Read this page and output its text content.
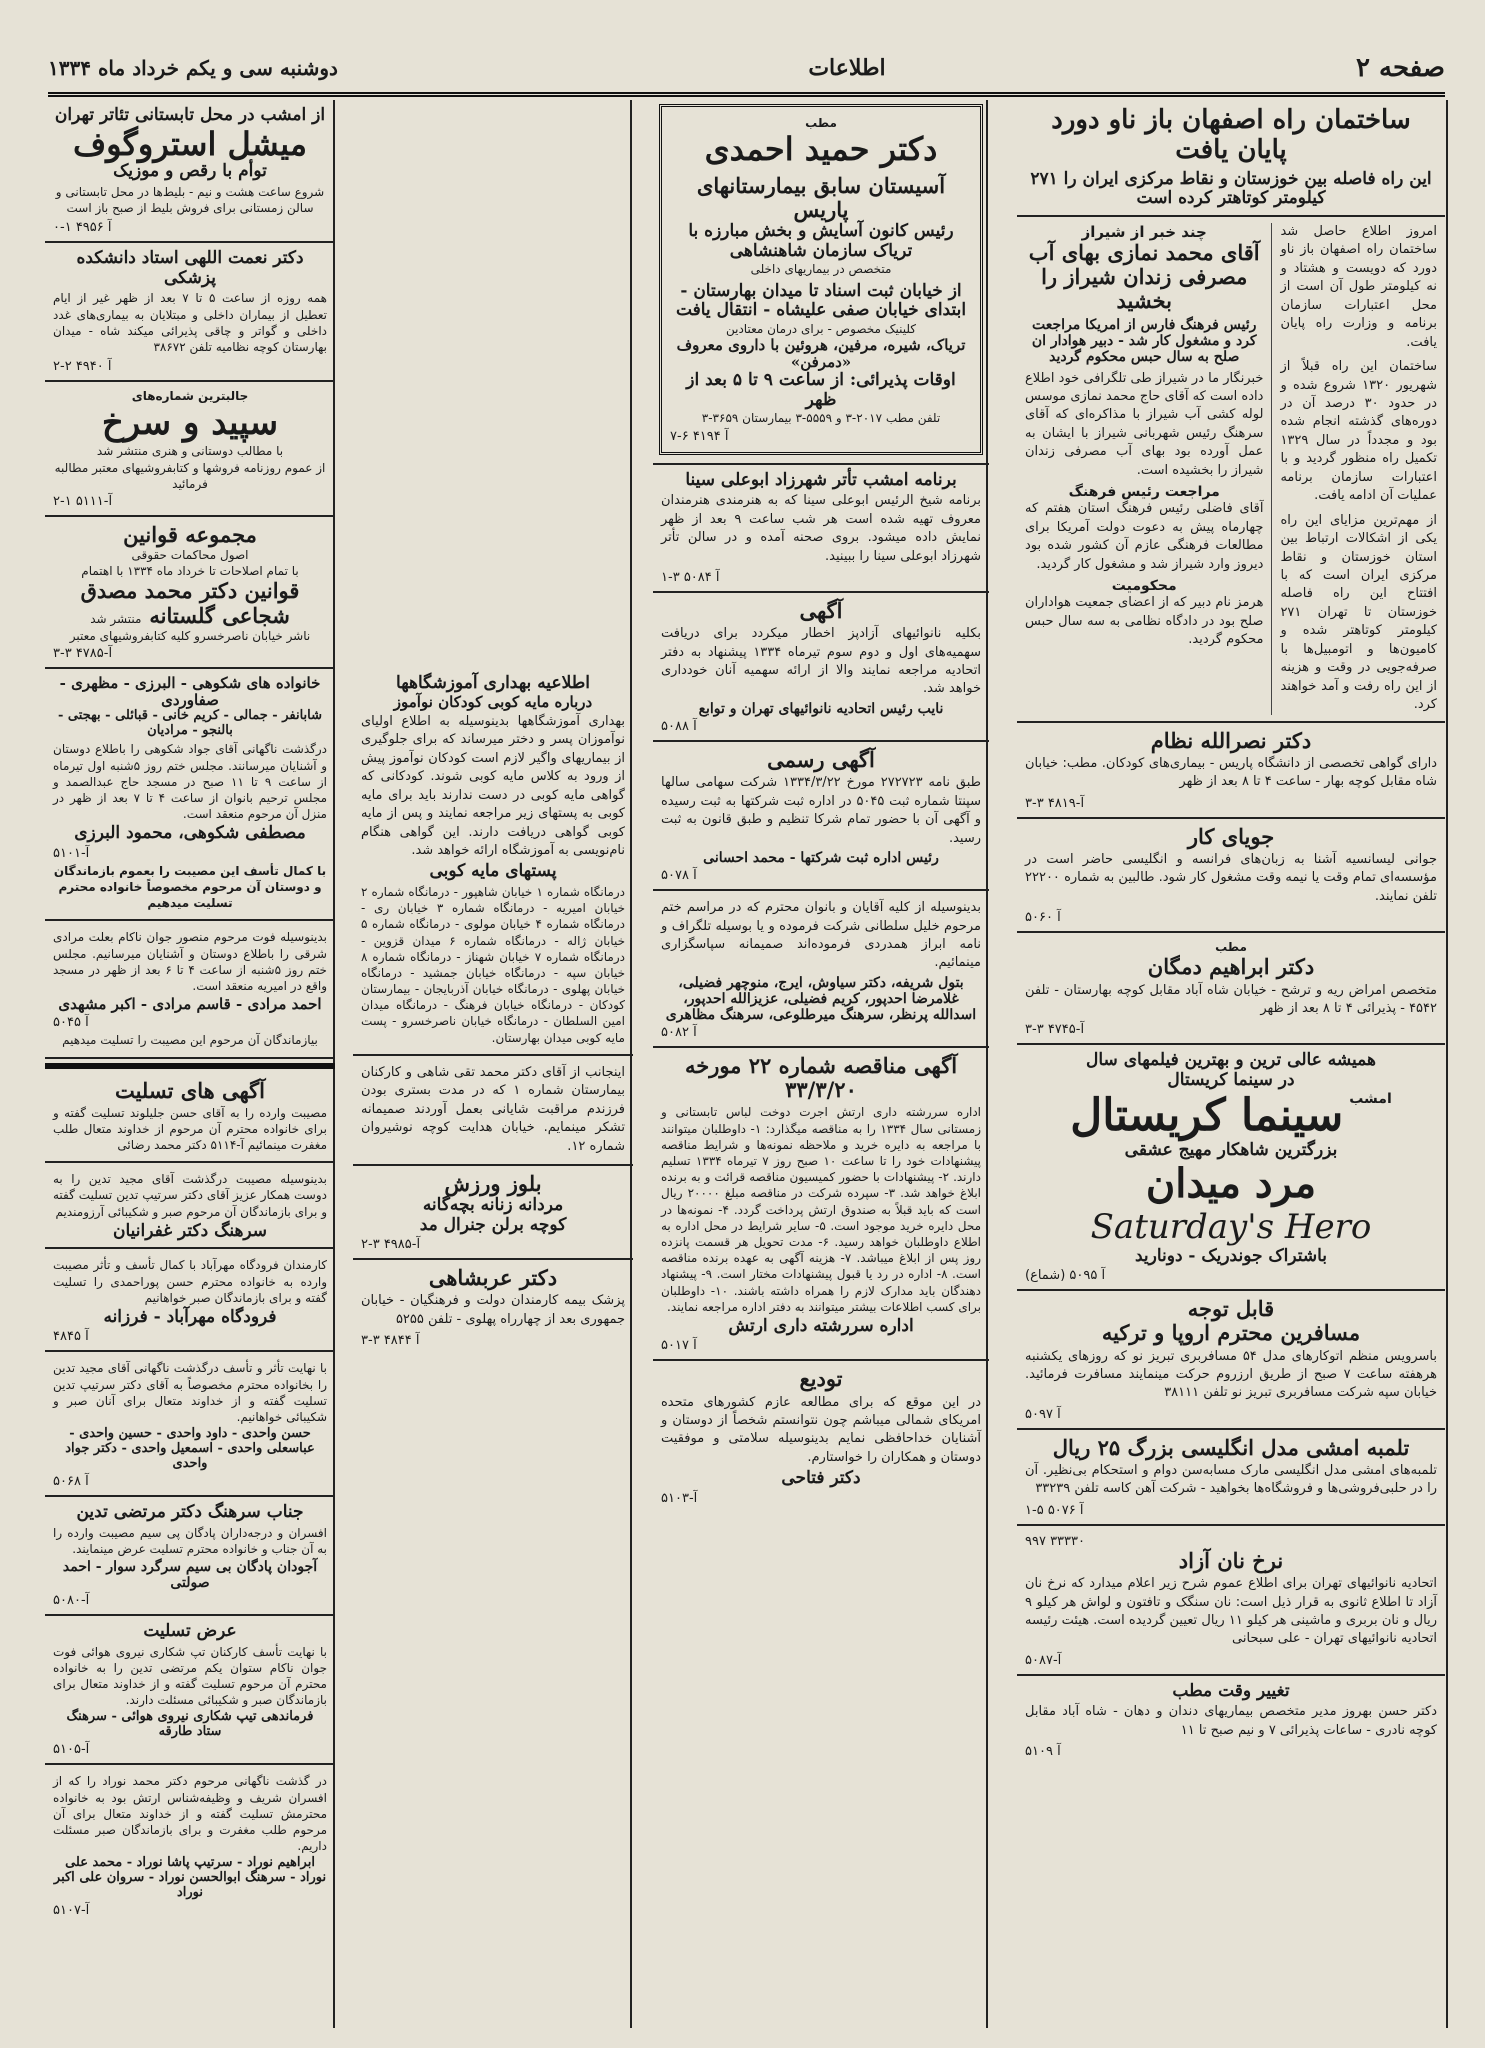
صفحه ۲
اطلاعات
دوشنبه سی و یکم خرداد ماه ۱۳۳۴
ساختمان راه اصفهان باز ناو دورد پایان یافت
این راه فاصله بین خوزستان و نقاط مرکزی ایران را ۲۷۱ کیلومتر کوتاهتر کرده است

امروز اطلاع حاصل شد ساختمان راه اصفهان باز ناو دورد که دویست و هشتاد و نه کیلومتر طول آن است از محل اعتبارات سازمان برنامه و وزارت راه پایان یافت.

ساختمان این راه قبلاً از شهریور ۱۳۲۰ شروع شده و در حدود ۳۰ درصد آن در دوره‌های گذشته انجام شده بود و مجدداً در سال ۱۳۲۹ تکمیل راه منظور گردید و با اعتبارات سازمان برنامه عملیات آن ادامه یافت.

از مهم‌ترین مزایای این راه یکی از اشکالات ارتباط بین استان خوزستان و نقاط مرکزی ایران است که با افتتاح این راه فاصله خوزستان تا تهران ۲۷۱ کیلومتر کوتاهتر شده و کامیون‌ها و اتومبیل‌ها با صرفه‌جویی در وقت و هزینه از این راه رفت و آمد خواهند کرد.

چند خبر از شیراز
آقای محمد نمازی بهای آب مصرفی زندان شیراز را بخشید
رئیس فرهنگ فارس از امریکا مراجعت کرد و مشغول کار شد - دبیر هوادار ان صلح به سال حبس محکوم گردید

خبرنگار ما در شیراز طی تلگرافی خود اطلاع داده است که آقای حاج محمد نمازی موسس لوله کشی آب شیراز با مذاکره‌ای که آقای سرهنگ رئیس شهربانی شیراز با ایشان به عمل آورده بود بهای آب مصرفی زندان شیراز را بخشیده است.

مراجعت رئیس فرهنگ

آقای فاضلی رئیس فرهنگ استان هفتم که چهارماه پیش به دعوت دولت آمریکا برای مطالعات فرهنگی عازم آن کشور شده بود دیروز وارد شیراز شد و مشغول کار گردید.

محکومیت

هرمز نام دبیر که از اعضای جمعیت هواداران صلح بود در دادگاه نظامی به سه سال حبس محکوم گردید.

دکتر نصرالله نظام

دارای گواهی تخصصی از دانشگاه پاریس - بیماری‌های کودکان. مطب: خیابان شاه مقابل کوچه بهار - ساعت ۴ تا ۸ بعد از ظهر

آ-۴۸۱۹ ۳-۳
جویای کار

جوانی لیسانسیه آشنا به زبان‌های فرانسه و انگلیسی حاضر است در مؤسسه‌ای تمام وقت یا نیمه وقت مشغول کار شود. طالبین به شماره ۲۲۲۰۰ تلفن نمایند.

آ ۵۰۶۰
مطب
دکتر ابراهیم دمگان

متخصص امراض ریه و ترشح - خیابان شاه آباد مقابل کوچه بهارستان - تلفن ۴۵۴۲ - پذیرائی ۴ تا ۸ بعد از ظهر

آ-۴۷۴۵ ۳-۳
همیشه عالی ترین و بهترین فیلمهای سال
در سینما کریستال
امشب
سینما کریستال
بزرگترین شاهکار مهیج عشقی
مرد میدان
Saturday's Hero
باشتراک جوندریک - دونارید
آ ۵۰۹۵ (شماع)
قابل توجه
مسافرین محترم اروپا و ترکیه

باسرویس منظم اتوکارهای مدل ۵۴ مسافربری تبریز نو که روزهای یکشنبه هرهفته ساعت ۷ صبح از طریق ارزروم حرکت مینمایند مسافرت فرمائید. خیابان سپه شرکت مسافربری تبریز نو تلفن ۳۸۱۱۱

آ ۵۰۹۷
تلمبه امشی مدل انگلیسی بزرگ ۲۵ ریال

تلمبه‌های امشی مدل انگلیسی مارک مسابه‌سن دوام و استحکام بی‌نظیر. آن را در حلبی‌فروشی‌ها و فروشگاه‌ها بخواهید - شرکت آهن کاسه تلفن ۳۳۲۳۹

آ ۵۰۷۶ ۵-۱
۹۹۷ ۳۳۳۳۰
نرخ نان آزاد

اتحادیه نانوائیهای تهران برای اطلاع عموم شرح زیر اعلام میدارد که نرخ نان آزاد تا اطلاع ثانوی به قرار ذیل است: نان سنگک و تافتون و لواش هر کیلو ۹ ریال و نان بربری و ماشینی هر کیلو ۱۱ ریال تعیین گردیده است. هیئت رئیسه اتحادیه نانوائیهای تهران - علی سبحانی

آ-۵۰۸۷
تغییر وقت مطب

دکتر حسن بهروز مدیر متخصص بیماریهای دندان و دهان - شاه آباد مقابل کوچه نادری - ساعات پذیرائی ۷ و نیم صبح تا ۱۱

آ ۵۱۰۹
مطب
دکتر حمید احمدی
آسیستان سابق بیمارستانهای پاریس
رئیس کانون آسایش و بخش مبارزه با تریاک سازمان شاهنشاهی
متخصص در بیماریهای داخلی
از خیابان ثبت اسناد تا میدان بهارستان - ابتدای خیابان صفی علیشاه - انتقال یافت
کلینیک مخصوص - برای درمان معتادین
تریاک، شیره، مرفین، هروئین با داروی معروف «دمرفن»
اوقات پذیرائی: از ساعت ۹ تا ۵ بعد از ظهر
تلفن مطب ۲۰۱۷-۳ و ۵۵۵۹-۳ بیمارستان ۳۶۵۹-۳
آ ۴۱۹۴ ۶-۷
برنامه امشب تأتر شهرزاد ابوعلی سینا

برنامه شیخ الرئیس ابوعلی سینا که به هنرمندی هنرمندان معروف تهیه شده است هر شب ساعت ۹ بعد از ظهر نمایش داده میشود. بروی صحنه آمده و در سالن تأتر شهرزاد ابوعلی سینا را ببینید.

آ ۵۰۸۴ ۳-۱
آگهی

بکلیه نانوائیهای آزادپز اخطار میکردد برای دریافت سهمیه‌های اول و دوم سوم تیرماه ۱۳۳۴ پیشنهاد به دفتر اتحادیه مراجعه نمایند والا از ارائه سهمیه آنان خودداری خواهد شد.

نایب رئیس اتحادیه نانوائیهای تهران و توابع
آ ۵۰۸۸
آگهی رسمی

طبق نامه ۲۷۲۷۲۳ مورخ ۱۳۳۴/۳/۲۲ شرکت سهامی سالها سپنتا شماره ثبت ۵۰۴۵ در اداره ثبت شرکتها به ثبت رسیده و آگهی آن با حضور تمام شرکا تنظیم و طبق قانون به ثبت رسید.

رئیس اداره ثبت شرکتها - محمد احسانی
آ ۵۰۷۸

بدینوسیله از کلیه آقایان و بانوان محترم که در مراسم ختم مرحوم خلیل سلطانی شرکت فرموده و یا بوسیله تلگراف و نامه ابراز همدردی فرموده‌اند صمیمانه سپاسگزاری مینمائیم.

بتول شریفه، دکتر سیاوش، ایرج، منوچهر فضیلی، غلامرضا احدپور، کریم فضیلی، عزیزالله احدپور، اسدالله پرنظر، سرهنگ میرطلوعی، سرهنگ مظاهری
آ ۵۰۸۲
آگهی مناقصه شماره ۲۲ مورخه ۳۳/۳/۲۰

اداره سررشته داری ارتش اجرت دوخت لباس تابستانی و زمستانی سال ۱۳۳۴ را به مناقصه میگذارد: ۱- داوطلبان میتوانند با مراجعه به دایره خرید و ملاحظه نمونه‌ها و شرایط مناقصه پیشنهادات خود را تا ساعت ۱۰ صبح روز ۷ تیرماه ۱۳۳۴ تسلیم دارند. ۲- پیشنهادات با حضور کمیسیون مناقصه قرائت و به برنده ابلاغ خواهد شد. ۳- سپرده شرکت در مناقصه مبلغ ۲۰۰۰۰ ریال است که باید قبلاً به صندوق ارتش پرداخت گردد. ۴- نمونه‌ها در محل دایره خرید موجود است. ۵- سایر شرایط در محل اداره به اطلاع داوطلبان خواهد رسید. ۶- مدت تحویل هر قسمت پانزده روز پس از ابلاغ میباشد. ۷- هزینه آگهی به عهده برنده مناقصه است. ۸- اداره در رد یا قبول پیشنهادات مختار است. ۹- پیشنهاد دهندگان باید مدارک لازم را همراه داشته باشند. ۱۰- داوطلبان برای کسب اطلاعات بیشتر میتوانند به دفتر اداره مراجعه نمایند.

اداره سررشته داری ارتش
آ ۵۰۱۷
تودیع

در این موقع که برای مطالعه عازم کشورهای متحده امریکای شمالی میباشم چون نتوانستم شخصاً از دوستان و آشنایان خداحافظی نمایم بدینوسیله سلامتی و موفقیت دوستان و همکاران را خواستارم.

دکتر فتاحی
آ-۵۱۰۳
اطلاعیه بهداری آموزشگاهها
درباره مایه کوبی کودکان نوآموز

بهداری آموزشگاهها بدینوسیله به اطلاع اولیای نوآموزان پسر و دختر میرساند که برای جلوگیری از بیماریهای واگیر لازم است کودکان نوآموز پیش از ورود به کلاس مایه کوبی شوند. کودکانی که گواهی مایه کوبی در دست ندارند باید برای مایه کوبی به پستهای زیر مراجعه نمایند و پس از مایه کوبی گواهی دریافت دارند. این گواهی هنگام نام‌نویسی به آموزشگاه ارائه خواهد شد.

پستهای مایه کوبی

درمانگاه شماره ۱ خیابان شاهپور - درمانگاه شماره ۲ خیابان امیریه - درمانگاه شماره ۳ خیابان ری - درمانگاه شماره ۴ خیابان مولوی - درمانگاه شماره ۵ خیابان ژاله - درمانگاه شماره ۶ میدان قزوین - درمانگاه شماره ۷ خیابان شهناز - درمانگاه شماره ۸ خیابان سپه - درمانگاه خیابان جمشید - درمانگاه خیابان پهلوی - درمانگاه خیابان آذربایجان - بیمارستان کودکان - درمانگاه خیابان فرهنگ - درمانگاه میدان امین السلطان - درمانگاه خیابان ناصرخسرو - پست مایه کوبی میدان بهارستان.

اینجانب از آقای دکتر محمد تقی شاهی و کارکنان بیمارستان شماره ۱ که در مدت بستری بودن فرزندم مراقبت شایانی بعمل آوردند صمیمانه تشکر مینمایم. خیابان هدایت کوچه نوشیروان شماره ۱۲.

بلوز ورزش
مردانه زنانه بچه‌گانه
کوچه برلن جنرال مد
آ-۴۹۸۵ ۳-۲
دکتر عربشاهی

پزشک بیمه کارمندان دولت و فرهنگیان - خیابان جمهوری بعد از چهارراه پهلوی - تلفن ۵۲۵۵

آ ۴۸۴۴ ۳-۳
از امشب در محل تابستانی تئاتر تهران
میشل استروگوف
توأم با رقص و موزیک

شروع ساعت هشت و نیم - بلیط‌ها در محل تابستانی و سالن زمستانی برای فروش بلیط از صبح باز است

آ ۴۹۵۶ ۱-۰
دکتر نعمت اللهی استاد دانشکده پزشکی

همه روزه از ساعت ۵ تا ۷ بعد از ظهر غیر از ایام تعطیل از بیماران داخلی و مبتلایان به بیماری‌های غدد داخلی و گواتر و چاقی پذیرائی میکند شاه - میدان بهارستان کوچه نظامیه تلفن ۳۸۶۷۲

آ ۴۹۴۰ ۲-۲
جالبترین شماره‌های
سپید و سرخ
با مطالب دوستانی و هنری منتشر شد
از عموم روزنامه فروشها و کتابفروشیهای معتبر مطالبه فرمائید
آ-۵۱۱۱ ۱-۲
مجموعه قوانین
اصول محاکمات حقوقی
با تمام اصلاحات تا خرداد ماه ۱۳۳۴ با اهتمام
قوانین دکتر محمد مصدق
شجاعی گلستانه
منتشر شد
ناشر خیابان ناصرخسرو کلیه کتابفروشیهای معتبر
آ-۴۷۸۵ ۳-۳
خانواده های شکوهی - البرزی - مظهری - صفاوردی
شابانفر - جمالی - کریم خانی - قبائلی - بهجتی - بالنجو - مرادیان

درگذشت ناگهانی آقای جواد شکوهی را باطلاع دوستان و آشنایان میرسانند. مجلس ختم روز ۵شنبه اول تیرماه از ساعت ۹ تا ۱۱ صبح در مسجد حاج عبدالصمد و مجلس ترحیم بانوان از ساعت ۴ تا ۷ بعد از ظهر در منزل آن مرحوم منعقد است.

مصطفی شکوهی، محمود البرزی
آ-۵۱۰۱

با کمال تأسف این مصیبت را بعموم بازماندگان و دوستان آن مرحوم مخصوصاً خانواده محترم تسلیت میدهیم

بدینوسیله فوت مرحوم منصور جوان ناکام بعلت مرادی شرقی را باطلاع دوستان و آشنایان میرسانیم. مجلس ختم روز ۵شنبه از ساعت ۴ تا ۶ بعد از ظهر در مسجد واقع در امیریه منعقد است.

احمد مرادی - قاسم مرادی - اکبر مشهدی
آ ۵۰۴۵

بیازماندگان آن مرحوم این مصیبت را تسلیت میدهیم

آگهی های تسلیت

مصیبت وارده را به آقای حسن جلیلوند تسلیت گفته و برای خانواده محترم آن مرحوم از خداوند متعال طلب مغفرت مینمائیم آ-۵۱۱۴ دکتر محمد رضائی

بدینوسیله مصیبت درگذشت آقای مجید تدین را به دوست همکار عزیز آقای دکتر سرتیپ تدین تسلیت گفته و برای بازماندگان آن مرحوم صبر و شکیبائی آرزومندیم

سرهنگ دکتر غفرانیان

کارمندان فرودگاه مهرآباد با کمال تأسف و تأثر مصیبت وارده به خانواده محترم حسن پوراحمدی را تسلیت گفته و برای بازماندگان صبر خواهانیم

فرودگاه مهرآباد - فرزانه
آ ۴۸۴۵

با نهایت تأثر و تأسف درگذشت ناگهانی آقای مجید تدین را بخانواده محترم مخصوصاً به آقای دکتر سرتیپ تدین تسلیت گفته و از خداوند متعال برای آنان صبر و شکیبائی خواهانیم.

حسن واحدی - داود واحدی - حسین واحدی - عباسعلی واحدی - اسمعیل واحدی - دکتر جواد واحدی
آ ۵۰۶۸
جناب سرهنگ دکتر مرتضی تدین

افسران و درجه‌داران پادگان پی سیم مصیبت وارده را به آن جناب و خانواده محترم تسلیت عرض مینمایند.

آجودان پادگان بی سیم سرگرد سوار - احمد صولتی
آ-۵۰۸۰
عرض تسلیت

با نهایت تأسف کارکنان تپ شکاری نیروی هوائی فوت جوان ناکام ستوان یکم مرتضی تدین را به خانواده محترم آن مرحوم تسلیت گفته و از خداوند متعال برای بازماندگان صبر و شکیبائی مسئلت دارند.

فرماندهی تیپ شکاری نیروی هوائی - سرهنگ ستاد طارقه
آ-۵۱۰۵

در گذشت ناگهانی مرحوم دکتر محمد نوراد را که از افسران شریف و وظیفه‌شناس ارتش بود به خانواده محترمش تسلیت گفته و از خداوند متعال برای آن مرحوم طلب مغفرت و برای بازماندگان صبر مسئلت داریم.

ابراهیم نوراد - سرتیپ پاشا نوراد - محمد علی نوراد - سرهنگ ابوالحسن نوراد - سروان علی اکبر نوراد
آ-۵۱۰۷
